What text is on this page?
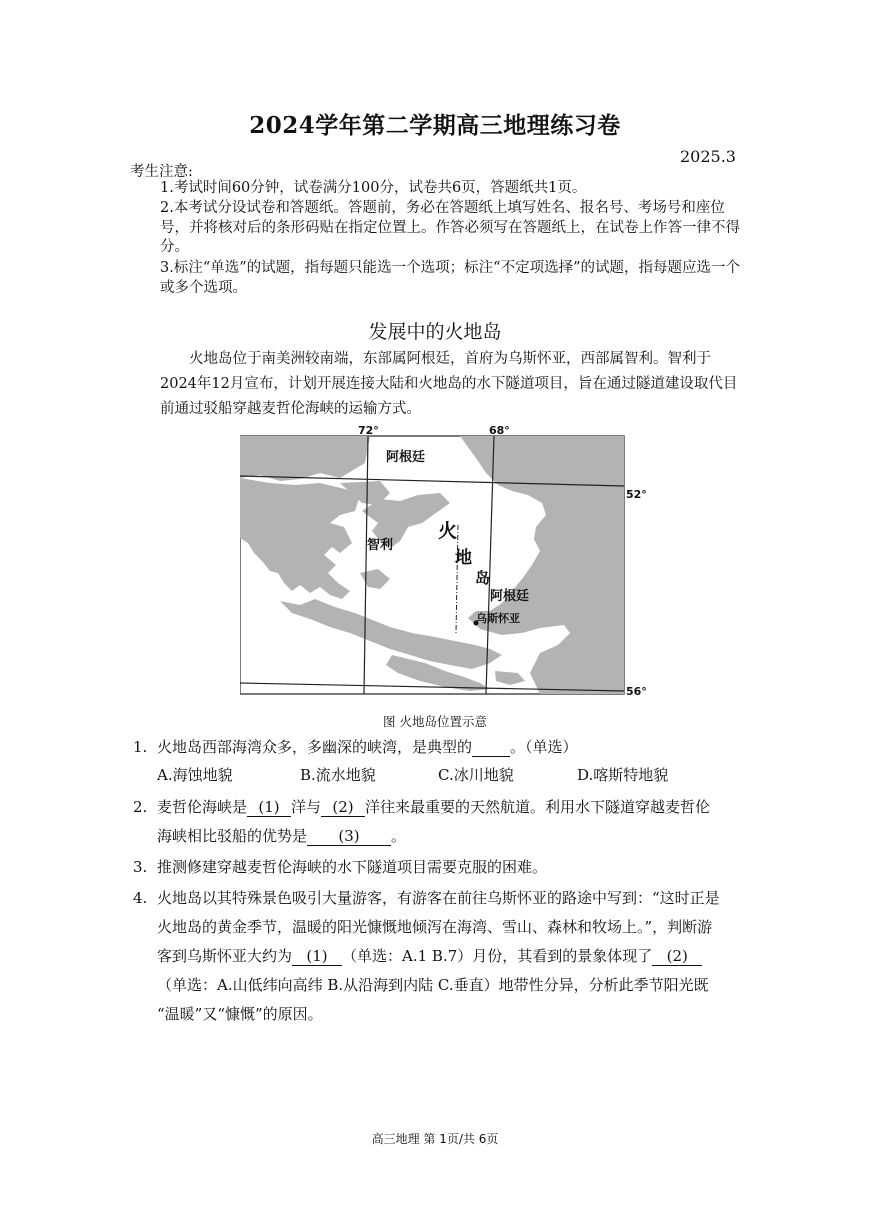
2024学年第二学期高三地理练习卷
2025.3
考生注意:
1.考试时间60分钟，试卷满分100分，试卷共6页，答题纸共1页。
2.本考试分设试卷和答题纸。答题前，务必在答题纸上填写姓名、报名号、考场号和座位号，并将核对后的条形码贴在指定位置上。作答必须写在答题纸上，在试卷上作答一律不得分。
3.标注“单选”的试题，指每题只能选一个选项；标注“不定项选择”的试题，指每题应选一个或多个选项。
发展中的火地岛
火地岛位于南美洲较南端，东部属阿根廷，首府为乌斯怀亚，西部属智利。智利于2024年12月宣布，计划开展连接大陆和火地岛的水下隧道项目，旨在通过隧道建设取代目前通过驳船穿越麦哲伦海峡的运输方式。
72°	68°
52°
56°
阿根廷
智利
火
地
岛
阿根廷
乌斯怀亚
图 火地岛位置示意
1. 火地岛西部海湾众多，多幽深的峡湾，是典型的	。（单选）
A.海蚀地貌	B.流水地貌	C.冰川地貌	D.喀斯特地貌
2. 麦哲伦海峡是 (1) 洋与 (2) 洋往来最重要的天然航道。利用水下隧道穿越麦哲伦
海峡相比驳船的优势是 (3) 。
3. 推测修建穿越麦哲伦海峡的水下隧道项目需要克服的困难。
4. 火地岛以其特殊景色吸引大量游客，有游客在前往乌斯怀亚的路途中写到：“这时正是
火地岛的黄金季节，温暖的阳光慷慨地倾泻在海湾、雪山、森林和牧场上。”，判断游
客到乌斯怀亚大约为 (1) （单选：A.1 B.7）月份，其看到的景象体现了 (2)
（单选：A.山低纬向高纬 B.从沿海到内陆 C.垂直）地带性分异，分析此季节阳光既
“温暖”又“慷慨”的原因。
高三地理 第 1页/共 6页
